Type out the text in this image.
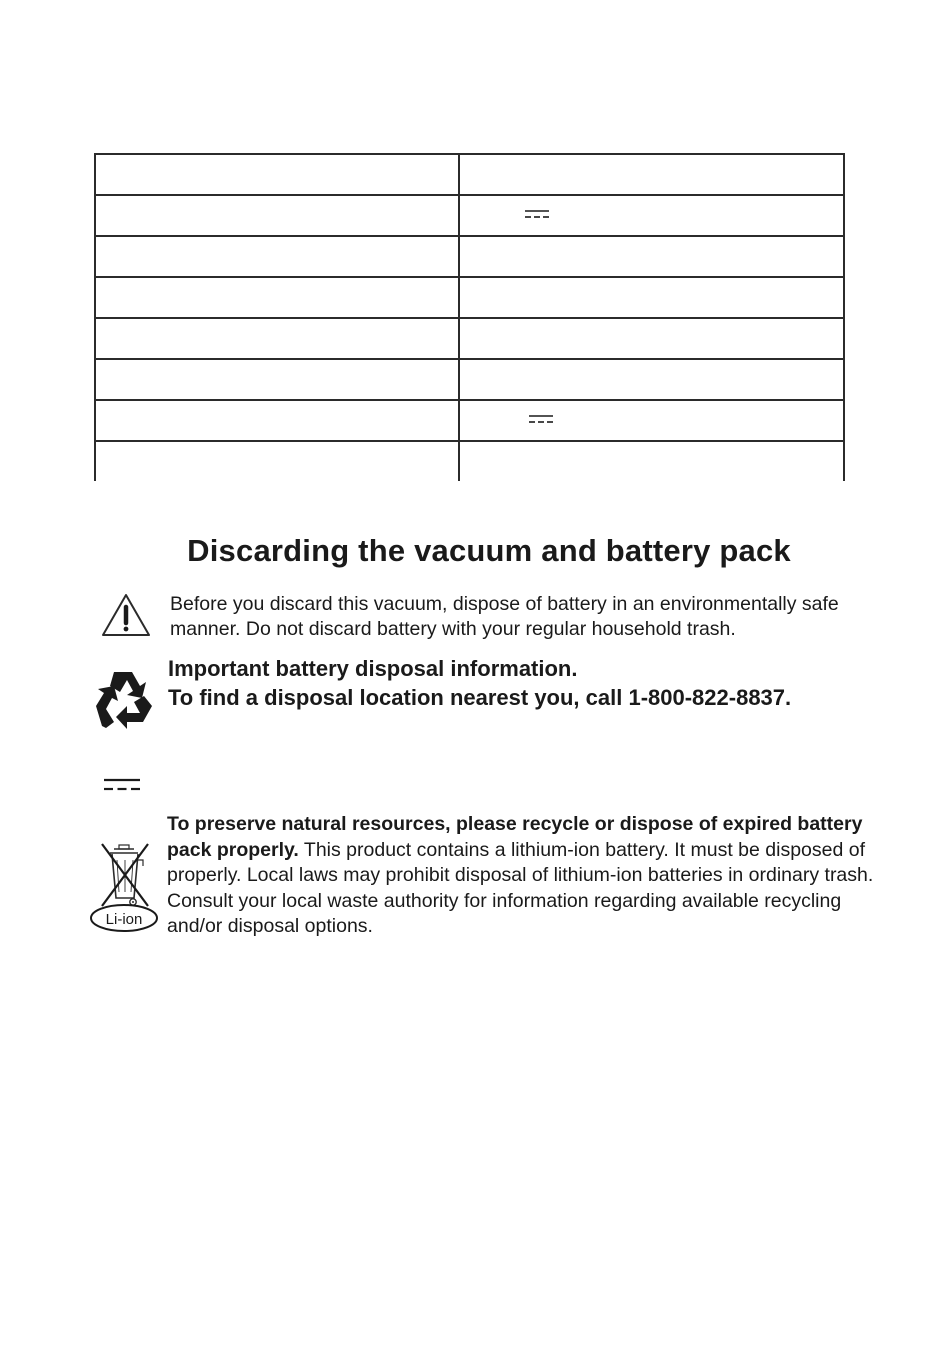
Discarding the vacuum and battery pack

Before you discard this vacuum, dispose of battery in an environmentally safe
manner. Do not discard battery with your regular household trash.

Important battery disposal information.
To find a disposal location nearest you, call 1-800-822-8837.

Li-ion

To preserve natural resources, please recycle or dispose of expired battery pack properly. This product contains a lithium-ion battery. It must be disposed of properly. Local laws may prohibit disposal of lithium-ion batteries in ordinary trash. Consult your local waste authority for information regarding available recycling and/or disposal options.
